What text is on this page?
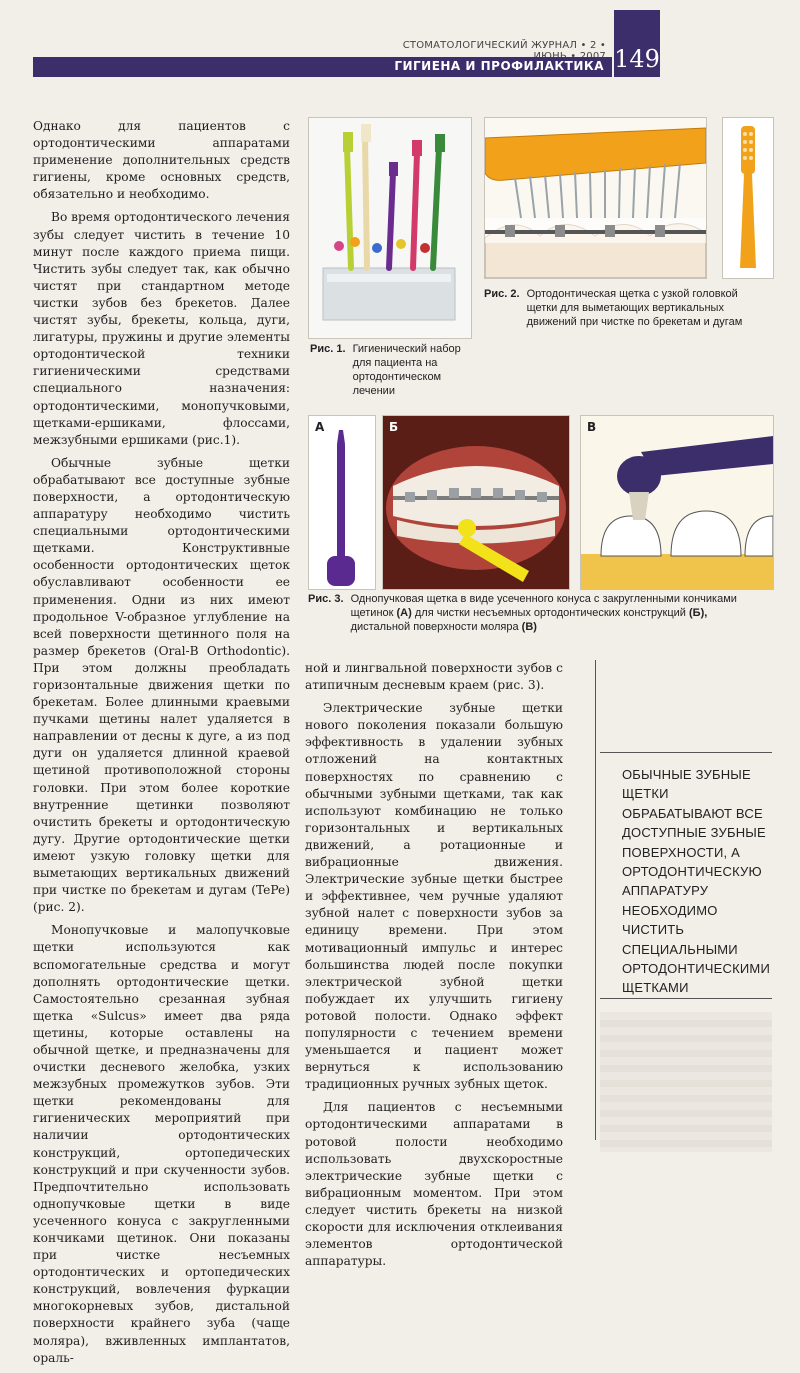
СТОМАТОЛОГИЧЕСКИЙ ЖУРНАЛ • 2 •
ГИГИЕНА И ПРОФИЛАКТИКА 149

Однако для пациентов с ортодонтическими аппаратами применение дополнительных средств гигиены, кроме основных средств, обязательно и необходимо.

Во время ортодонтического лечения зубы следует чистить в течение 10 минут после каждого приема пищи. Чистить зубы следует так, как обычно чистят при стандартном методе чистки зубов без брекетов. Далее чистят зубы, брекеты, кольца, дуги, лигатуры, пружины и другие элементы ортодонтической техники гигиеническими средствами специального назначения: ортодонтическими, монопучковыми, щетками-ершиками, флоссами, межзубными ершиками (рис.1).

Обычные зубные щетки обрабатывают все доступные зубные поверхности, а ортодонтическую аппаратуру необходимо чистить специальными ортодонтическими щетками. Конструктивные особенности ортодонтических щеток обуславливают особенности ее применения. Одни из них имеют продольное V-образное углубление на всей поверхности щетинного поля на размер брекетов (Oral-B Orthodontic). При этом должны преобладать горизонтальные движения щетки по брекетам. Более длинными краевыми пучками щетины налет удаляется в направлении от десны к дуге, а из под дуги он удаляется длинной краевой щетиной противоположной стороны головки. При этом более короткие внутренние щетинки позволяют очистить брекеты и ортодонтическую дугу. Другие ортодонтические щетки имеют узкую головку щетки для выметающих вертикальных движений при чистке по брекетам и дугам (TePe) (рис. 2).

Монопучковые и малопучковые щетки используются как вспомогательные средства и могут дополнять ортодонтические щетки. Самостоятельно срезанная зубная щетка «Sulcus» имеет два ряда щетины, которые оставлены на обычной щетке, и предназначены для очистки десневого желобка, узких межзубных промежутков зубов. Эти щетки рекомендованы для гигиенических мероприятий при наличии ортодонтических конструкций, ортопедических конструкций и при скученности зубов. Предпочтительно использовать однопучковые щетки в виде усеченного конуса с закругленными кончиками щетинок. Они показаны при чистке несъемных ортодонтических и ортопедических конструкций, вовлечения фуркации многокорневых зубов, дистальной поверхности крайнего зуба (чаще моляра), вживленных имплантатов, ораль-

Рис. 1. Гигиенический набор для пациента на ортодонтическом лечении
Рис. 2. Ортодонтическая щетка с узкой головкой щетки для выметающих вертикальных движений при чистке по брекетам и дугам
А	Б	В
Рис. 3. Однопучковая щетка в виде усеченного конуса с закругленными кончиками щетинок (А) для чистки несъемных ортодонтических конструкций (Б), дистальной поверхности моляра (В)

ной и лингвальной поверхности зубов с атипичным десневым краем (рис. 3).

Электрические зубные щетки нового поколения показали большую эффективность в удалении зубных отложений на контактных поверхностях по сравнению с обычными зубными щетками, так как используют комбинацию не только горизонтальных и вертикальных движений, а ротационные и вибрационные движения. Электрические зубные щетки быстрее и эффективнее, чем ручные удаляют зубной налет с поверхности зубов за единицу времени. При этом мотивационный импульс и интерес большинства людей после покупки электрической зубной щетки побуждает их улучшить гигиену ротовой полости. Однако эффект популярности с течением времени уменьшается и пациент может вернуться к использованию традиционных ручных зубных щеток.

Для пациентов с несъемными ортодонтическими аппаратами в ротовой полости необходимо использовать двухскоростные электрические зубные щетки с вибрационным моментом. При этом следует чистить брекеты на низкой скорости для исключения отклеивания элементов ортодонтической аппаратуры.

ОБЫЧНЫЕ ЗУБНЫЕ ЩЕТКИ ОБРАБАТЫВАЮТ ВСЕ ДОСТУПНЫЕ ЗУБНЫЕ ПОВЕРХНОСТИ, А ОРТОДОНТИЧЕСКУЮ АППАРАТУРУ НЕОБХОДИМО ЧИСТИТЬ СПЕЦИАЛЬНЫМИ ОРТОДОНТИЧЕСКИМИ ЩЕТКАМИ
